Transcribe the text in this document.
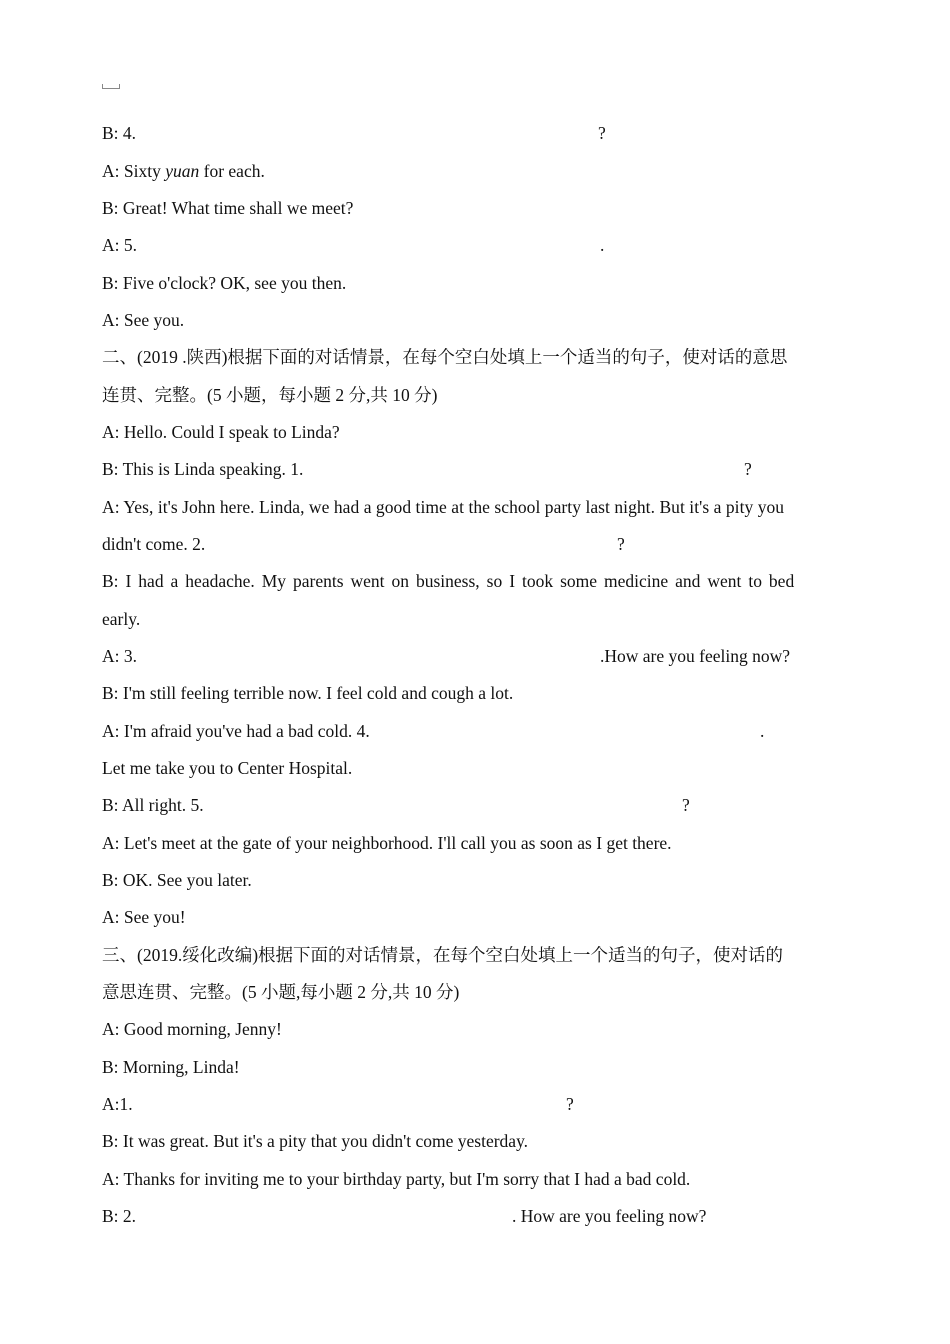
B: 4.	?
A: Sixty yuan for each.
B: Great! What time shall we meet?
A: 5.	.
B: Five o'clock? OK, see you then.
A: See you.
二、(2019 .陕西)根据下面的对话情景，在每个空白处填上一个适当的句子，使对话的意思
连贯、完整。(5 小题，每小题 2 分,共 10 分)
A: Hello. Could I speak to Linda?
B: This is Linda speaking. 1.	?
A: Yes, it's John here. Linda, we had a good time at the school party last night. But it's a pity you
didn't come. 2.	?
B: I had a headache. My parents went on business, so I took some medicine and went to bed
early.
A: 3.	.How are you feeling now?
B: I'm still feeling terrible now. I feel cold and cough a lot.
A: I'm afraid you've had a bad cold. 4.	.
Let me take you to Center Hospital.
B: All right. 5.	?
A: Let's meet at the gate of your neighborhood. I'll call you as soon as I get there.
B: OK. See you later.
A: See you!
三、(2019.绥化改编)根据下面的对话情景，在每个空白处填上一个适当的句子，使对话的
意思连贯、完整。(5 小题,每小题 2 分,共 10 分)
A: Good morning, Jenny!
B: Morning, Linda!
A:1.	?
B: It was great. But it's a pity that you didn't come yesterday.
A: Thanks for inviting me to your birthday party, but I'm sorry that I had a bad cold.
B: 2.	. How are you feeling now?
